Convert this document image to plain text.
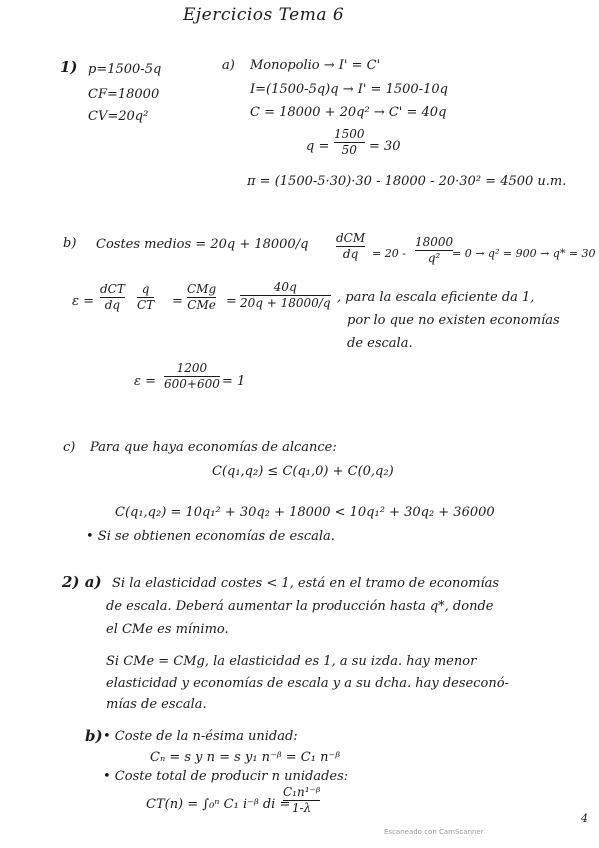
Ejercicios Tema 6
1) p=1500-5q
CF=18000
CV=20q²
a) Monopolio → I' = C'
I=(1500-5q)q → I' = 1500-10q
C = 18000 + 20q² → C' = 40q
q =
1500
50 = 30
π = (1500-5·30)·30 - 18000 - 20·30² = 4500 u.m.
b) Costes medios = 20q + 18000/q dCM
dq = 20 -
18000
q² = 0 → q² = 900 → q* = 30
ε =
dCT
dq
q
CT =
CMg
CMe =
40q
20q + 18000/q , para la escala eficiente da 1,
por lo que no existen economías
de escala.
ε =
1200
600+600 = 1
c) Para que haya economías de alcance:
C(q₁,q₂) ≤ C(q₁,0) + C(0,q₂)
C(q₁,q₂) = 10q₁² + 30q₂ + 18000 < 10q₁² + 30q₂ + 36000
• Si se obtienen economías de escala.
2) a) Si la elasticidad costes < 1, está en el tramo de economías
de escala. Deberá aumentar la producción hasta q*, donde
el CMe es mínimo.
Si CMe = CMg, la elasticidad es 1, a su izda. hay menor
elasticidad y economías de escala y a su dcha. hay deseconó-
mías de escala.
b) • Coste de la n-ésima unidad:
Cₙ = s y n = s y₁ n⁻ᵝ = C₁ n⁻ᵝ
• Coste total de producir n unidades:
CT(n) = ∫₀ⁿ C₁ i⁻ᵝ di =
C₁n¹⁻ᵝ
1-λ
Escaneado con CamScanner
4
